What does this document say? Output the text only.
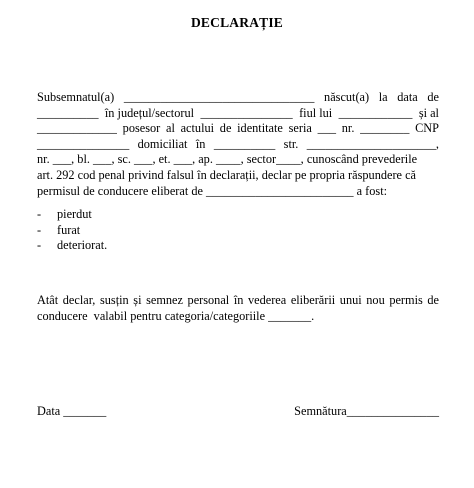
DECLARAȚIE
Subsemnatul(a) _______________________________ născut(a) la data de
__________ în județul/sectorul _______________ fiul lui ____________ și al
_____________ posesor al actului de identitate seria ___ nr. ________ CNP
_______________ domiciliat în __________ str. _____________________,
nr. ___, bl. ___, sc. ___, et. ___, ap. ____, sector____, cunoscând prevederile
art. 292 cod penal privind falsul în declarații, declar pe propria răspundere că
permisul de conducere eliberat de ________________________ a fost:
-	pierdut
-	furat
-	deteriorat.
Atât declar, susțin și semnez personal în vederea eliberării unui nou permis de
conducere  valabil pentru categoria/categoriile _______.
Data _______	Semnătura_______________
